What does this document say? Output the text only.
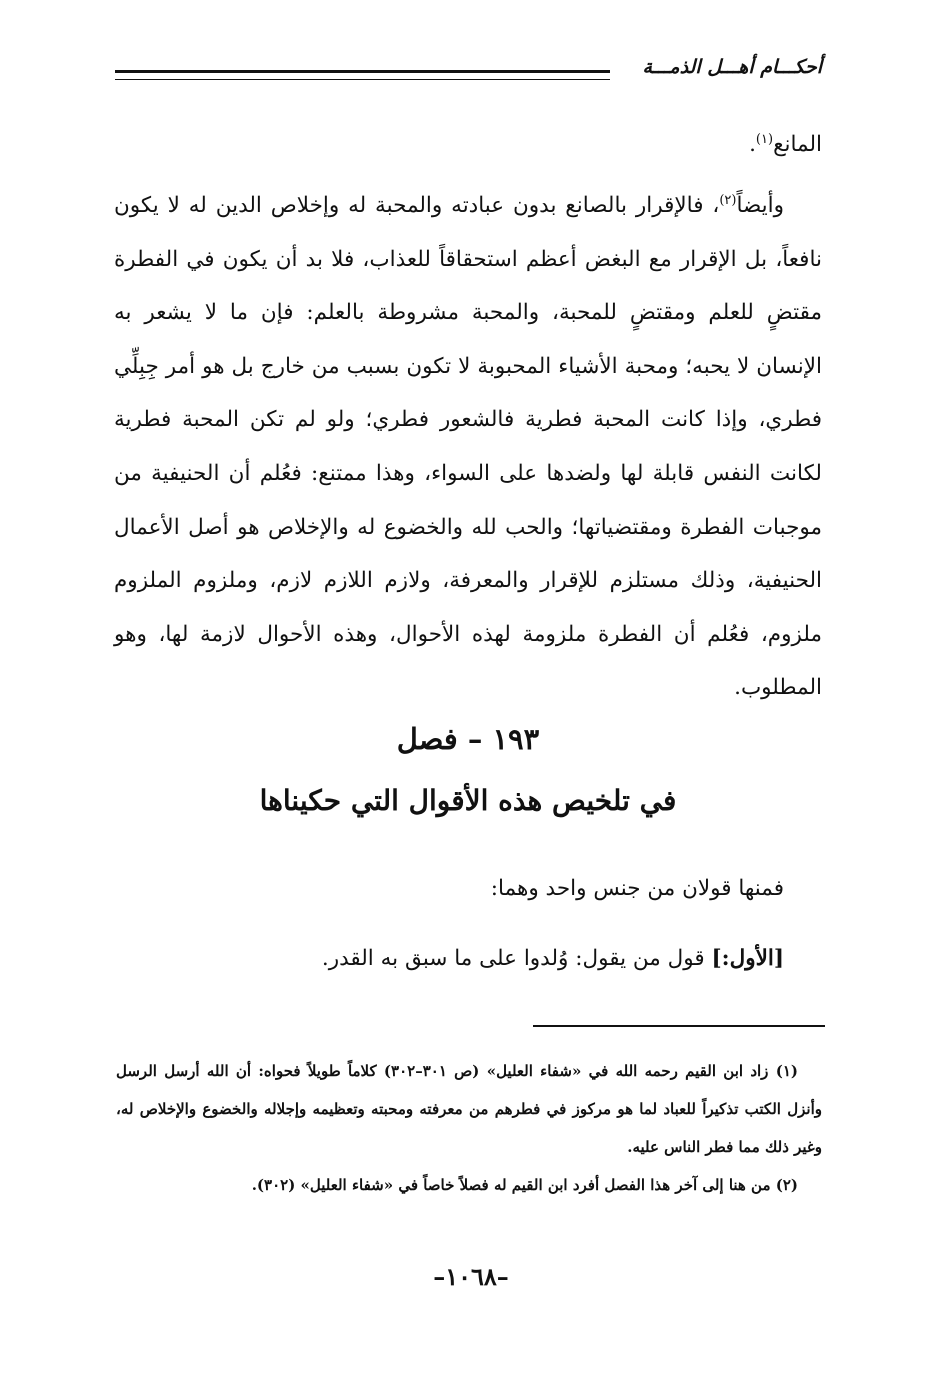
أحكـــام أهـــل الذمـــة

المانع$^{(١)}$.

وأيضاً$^{(٢)}$، فالإقرار بالصانع بدون عبادته والمحبة له وإخلاص الدين له لا يكون نافعاً، بل الإقرار مع البغض أعظم استحقاقاً للعذاب، فلا بد أن يكون في الفطرة مقتضٍ للعلم ومقتضٍ للمحبة، والمحبة مشروطة بالعلم: فإن ما لا يشعر به الإنسان لا يحبه؛ ومحبة الأشياء المحبوبة لا تكون بسبب من خارج بل هو أمر جِبِلِّي فطري، وإذا كانت المحبة فطرية فالشعور فطري؛ ولو لم تكن المحبة فطرية لكانت النفس قابلة لها ولضدها على السواء، وهذا ممتنع: فعُلم أن الحنيفية من موجبات الفطرة ومقتضياتها؛ والحب لله والخضوع له والإخلاص هو أصل الأعمال الحنيفية، وذلك مستلزم للإقرار والمعرفة، ولازم اللازم لازم، وملزوم الملزوم ملزوم، فعُلم أن الفطرة ملزومة لهذه الأحوال، وهذه الأحوال لازمة لها، وهو المطلوب.

١٩٣ – فصل
في تلخيص هذه الأقوال التي حكيناها

فمنها قولان من جنس واحد وهما:

[الأول:] قول من يقول: وُلدوا على ما سبق به القدر.

(١) زاد ابن القيم رحمه الله في «شفاء العليل» (ص ٣٠١–٣٠٢) كلاماً طويلاً فحواه: أن الله أرسل الرسل وأنزل الكتب تذكيراً للعباد لما هو مركوز في فطرهم من معرفته ومحبته وتعظيمه وإجلاله والخضوع والإخلاص له، وغير ذلك مما فطر الناس عليه.

(٢) من هنا إلى آخر هذا الفصل أفرد ابن القيم له فصلاً خاصاً في «شفاء العليل» (٣٠٢).

–١٠٦٨–
